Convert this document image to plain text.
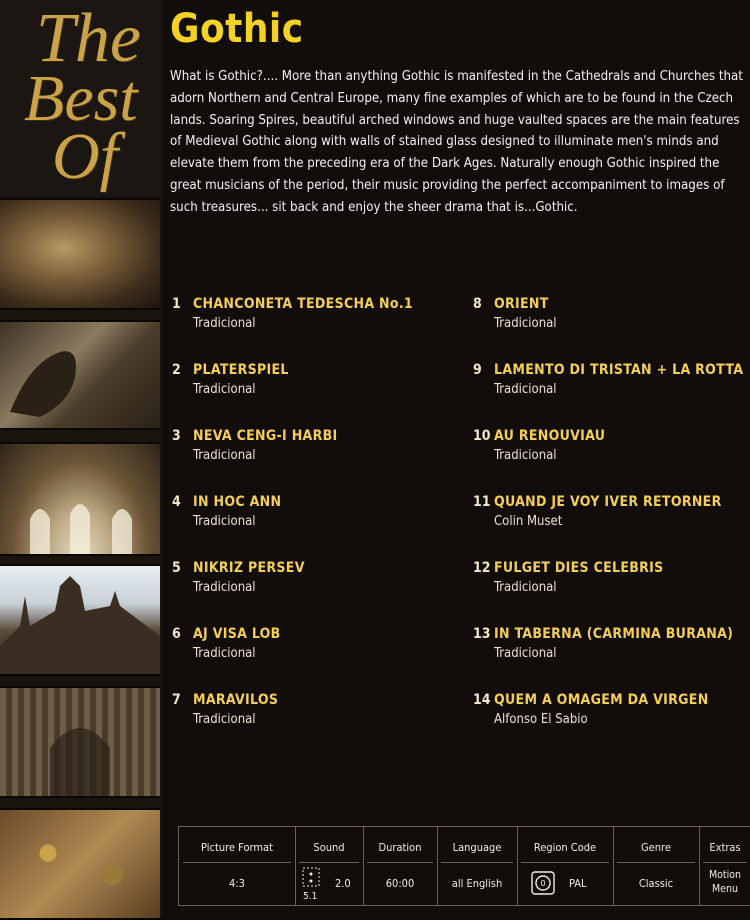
The
Best
Of
Gothic
What is Gothic?.... More than anything Gothic is manifested in the Cathedrals and Churches that adorn Northern and Central Europe, many fine examples of which are to be found in the Czech lands. Soaring Spires, beautiful arched windows and huge vaulted spaces are the main features of Medieval Gothic along with walls of stained glass designed to illuminate men's minds and elevate them from the preceding era of the Dark Ages. Naturally enough Gothic inspired the great musicians of the period, their music providing the perfect accompaniment to images of such treasures... sit back and enjoy the sheer drama that is...Gothic.
1 CHANCONETA TEDESCHA No.1
Tradicional
2 PLATERSPIEL
Tradicional
3 NEVA CENG-I HARBI
Tradicional
4 IN HOC ANN
Tradicional
5 NIKRIZ PERSEV
Tradicional
6 AJ VISA LOB
Tradicional
7 MARAVILOS
Tradicional
8 ORIENT
Tradicional
9 LAMENTO DI TRISTAN + LA ROTTA
Tradicional
10 AU RENOUVIAU
Tradicional
11 QUAND JE VOY IVER RETORNER
Colin Muset
12 FULGET DIES CELEBRIS
Tradicional
13 IN TABERNA (CARMINA BURANA)
Tradicional
14 QUEM A OMAGEM DA VIRGEN
Alfonso El Sabio
Picture Format
4:3
Sound
5.1
2.0
Duration
60:00
Language
all English
Region Code
0 PAL
Genre
Classic
Extras
Motion
Menu
